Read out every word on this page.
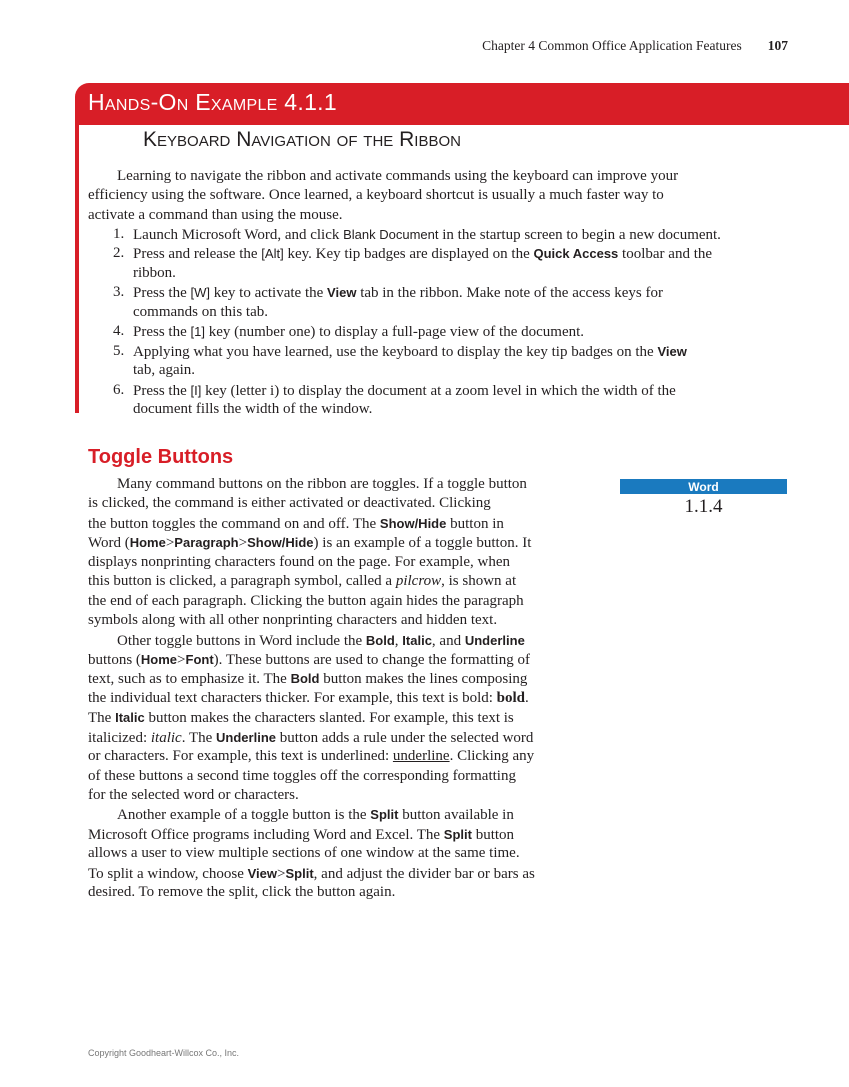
Chapter 4 Common Office Application Features 107
Hands-On Example 4.1.1
Keyboard Navigation of the Ribbon
Learning to navigate the ribbon and activate commands using the keyboard can improve your
efficiency using the software. Once learned, a keyboard shortcut is usually a much faster way to
activate a command than using the mouse.
1. Launch Microsoft Word, and click Blank Document in the startup screen to begin a new document.
2. Press and release the [Alt] key. Key tip badges are displayed on the Quick Access toolbar and the
ribbon.
3. Press the [W] key to activate the View tab in the ribbon. Make note of the access keys for
commands on this tab.
4. Press the [1] key (number one) to display a full-page view of the document.
5. Applying what you have learned, use the keyboard to display the key tip badges on the View
tab, again.
6. Press the [I] key (letter i) to display the document at a zoom level in which the width of the
document fills the width of the window.
Toggle Buttons
Many command buttons on the ribbon are toggles. If a toggle button
is clicked, the command is either activated or deactivated. Clicking
the button toggles the command on and off. The Show/Hide button in
Word (Home>Paragraph>Show/Hide) is an example of a toggle button. It
displays nonprinting characters found on the page. For example, when
this button is clicked, a paragraph symbol, called a pilcrow, is shown at
the end of each paragraph. Clicking the button again hides the paragraph
symbols along with all other nonprinting characters and hidden text.
Other toggle buttons in Word include the Bold, Italic, and Underline
buttons (Home>Font). These buttons are used to change the formatting of
text, such as to emphasize it. The Bold button makes the lines composing
the individual text characters thicker. For example, this text is bold: bold.
The Italic button makes the characters slanted. For example, this text is
italicized: italic. The Underline button adds a rule under the selected word
or characters. For example, this text is underlined: underline. Clicking any
of these buttons a second time toggles off the corresponding formatting
for the selected word or characters.
Another example of a toggle button is the Split button available in
Microsoft Office programs including Word and Excel. The Split button
allows a user to view multiple sections of one window at the same time.
To split a window, choose View>Split, and adjust the divider bar or bars as
desired. To remove the split, click the button again.
Word
1.1.4
Copyright Goodheart-Willcox Co., Inc.
